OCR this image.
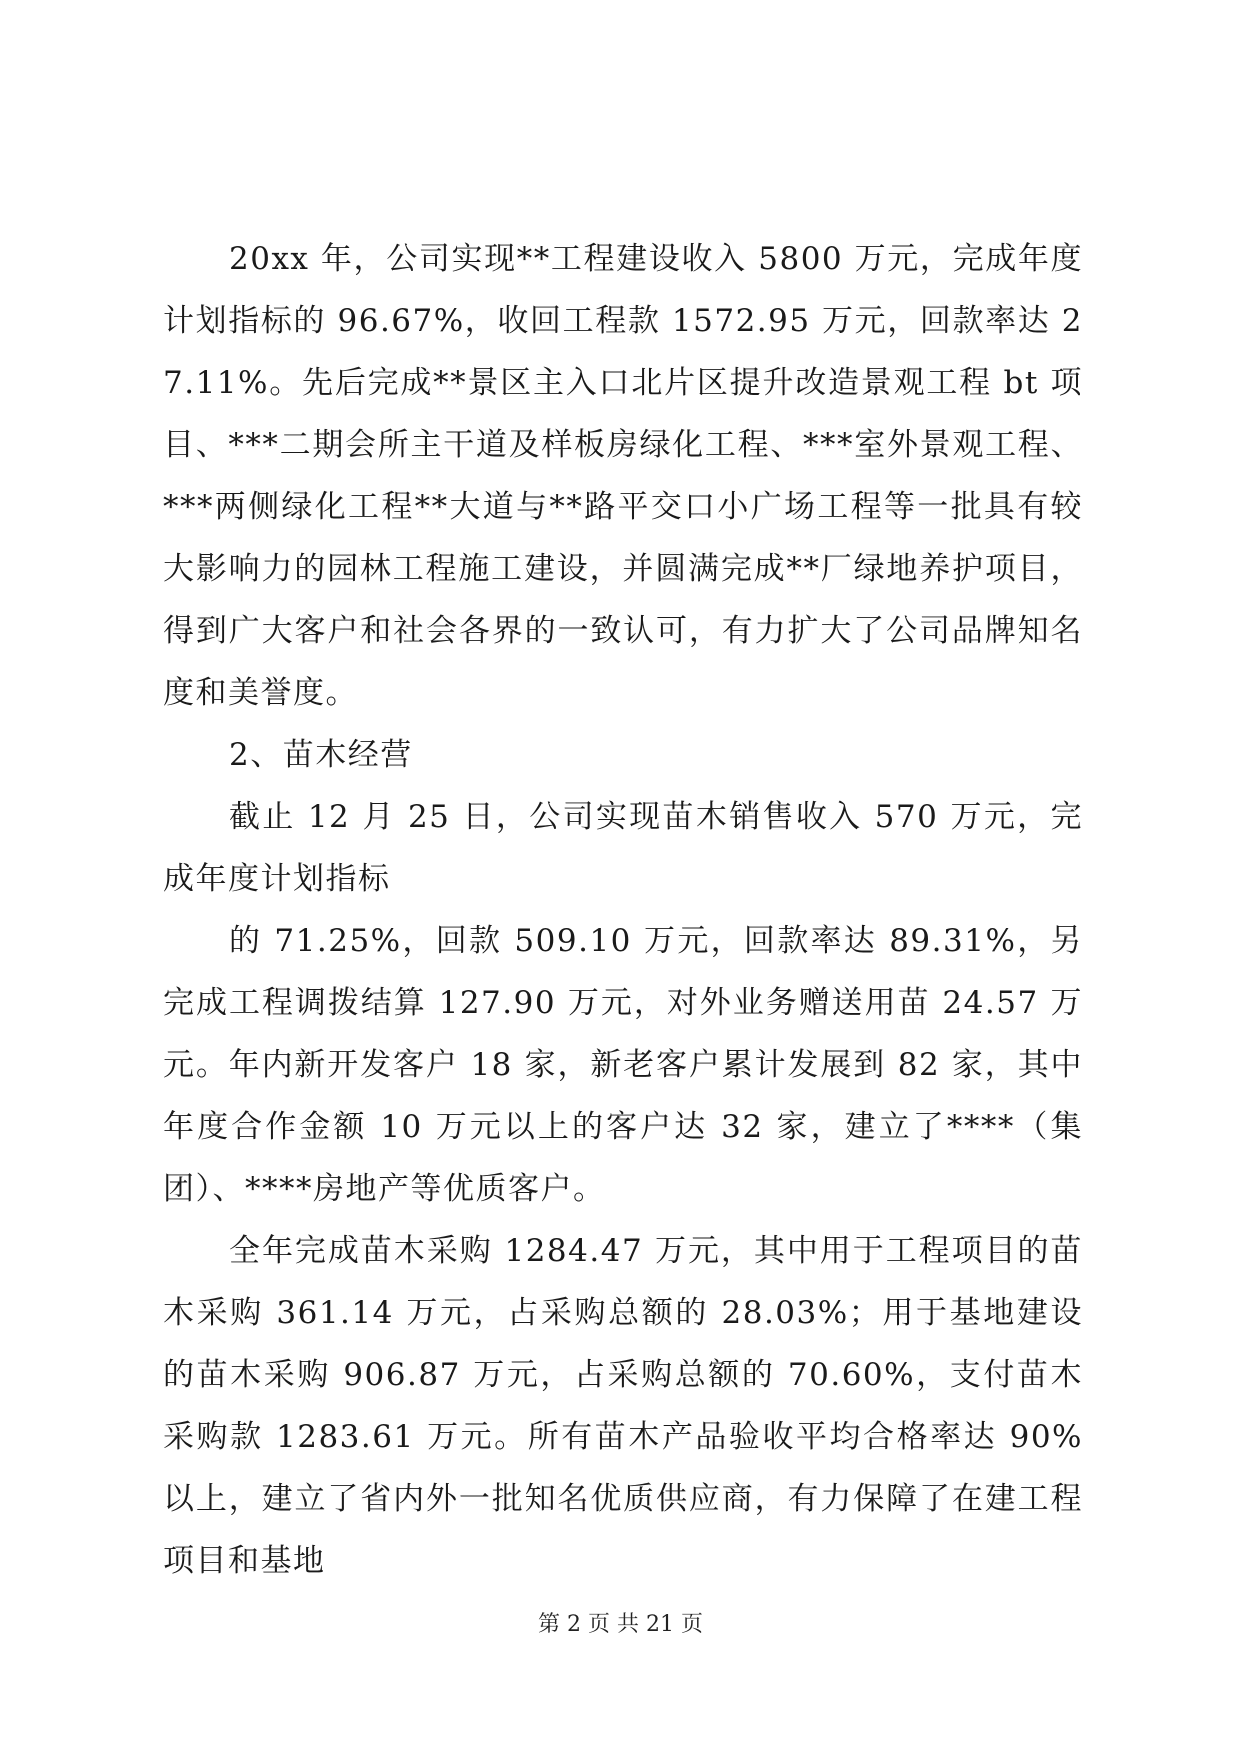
20xx 年，公司实现**工程建设收入 5800 万元，完成年度计划指标的 96.67%，收回工程款 1572.95 万元，回款率达 27.11%。先后完成**景区主入口北片区提升改造景观工程 bt 项目、***二期会所主干道及样板房绿化工程、***室外景观工程、***两侧绿化工程**大道与**路平交口小广场工程等一批具有较大影响力的园林工程施工建设，并圆满完成**厂绿地养护项目，得到广大客户和社会各界的一致认可，有力扩大了公司品牌知名度和美誉度。

2、苗木经营

截止 12 月 25 日，公司实现苗木销售收入 570 万元，完成年度计划指标

的 71.25%，回款 509.10 万元，回款率达 89.31%，另完成工程调拨结算 127.90 万元，对外业务赠送用苗 24.57 万元。年内新开发客户 18 家，新老客户累计发展到 82 家，其中年度合作金额 10 万元以上的客户达 32 家，建立了****（集团）、****房地产等优质客户。

全年完成苗木采购 1284.47 万元，其中用于工程项目的苗木采购 361.14 万元，占采购总额的 28.03%；用于基地建设的苗木采购 906.87 万元，占采购总额的 70.60%，支付苗木采购款 1283.61 万元。所有苗木产品验收平均合格率达 90%以上，建立了省内外一批知名优质供应商，有力保障了在建工程项目和基地

第 2 页 共 21 页
